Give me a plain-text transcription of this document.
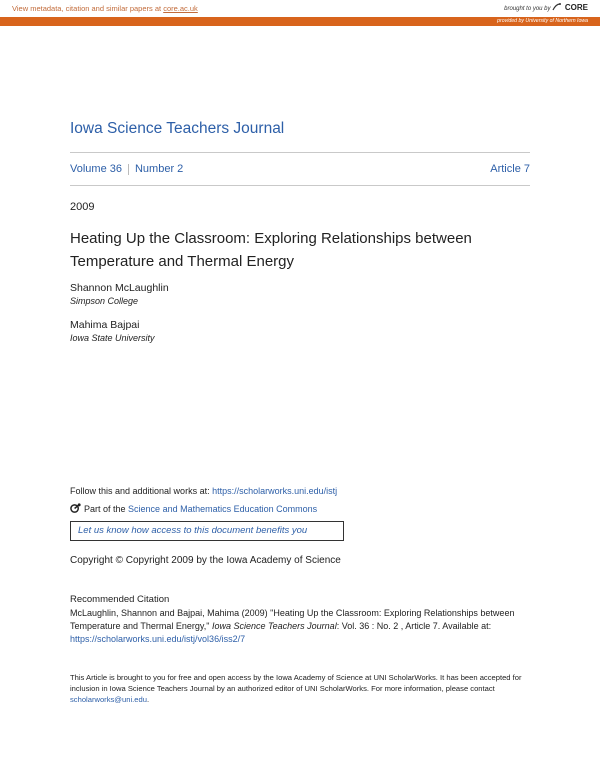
View metadata, citation and similar papers at core.ac.uk	brought to you by CORE
provided by University of Northern Iowa
Iowa Science Teachers Journal
Volume 36 Number 2	Article 7
2009
Heating Up the Classroom: Exploring Relationships between
Temperature and Thermal Energy
Shannon McLaughlin
Simpson College
Mahima Bajpai
Iowa State University
Follow this and additional works at: https://scholarworks.uni.edu/istj
Part of the Science and Mathematics Education Commons
Let us know how access to this document benefits you
Copyright © Copyright 2009 by the Iowa Academy of Science
Recommended Citation
McLaughlin, Shannon and Bajpai, Mahima (2009) "Heating Up the Classroom: Exploring Relationships between Temperature and Thermal Energy," Iowa Science Teachers Journal: Vol. 36 : No. 2 , Article 7. Available at: https://scholarworks.uni.edu/istj/vol36/iss2/7
This Article is brought to you for free and open access by the Iowa Academy of Science at UNI ScholarWorks. It has been accepted for inclusion in Iowa Science Teachers Journal by an authorized editor of UNI ScholarWorks. For more information, please contact scholarworks@uni.edu.
